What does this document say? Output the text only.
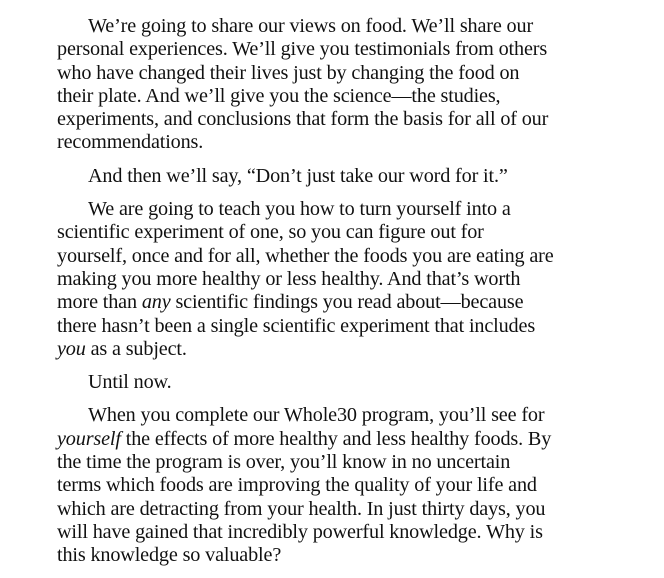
We’re going to share our views on food. We’ll share our
personal experiences. We’ll give you testimonials from others
who have changed their lives just by changing the food on
their plate. And we’ll give you the science—the studies,
experiments, and conclusions that form the basis for all of our
recommendations.

And then we’ll say, “Don’t just take our word for it.”

We are going to teach you how to turn yourself into a
scientific experiment of one, so you can figure out for
yourself, once and for all, whether the foods you are eating are
making you more healthy or less healthy. And that’s worth
more than any scientific findings you read about—because
there hasn’t been a single scientific experiment that includes
you as a subject.

Until now.

When you complete our Whole30 program, you’ll see for
yourself the effects of more healthy and less healthy foods. By
the time the program is over, you’ll know in no uncertain
terms which foods are improving the quality of your life and
which are detracting from your health. In just thirty days, you
will have gained that incredibly powerful knowledge. Why is
this knowledge so valuable?
